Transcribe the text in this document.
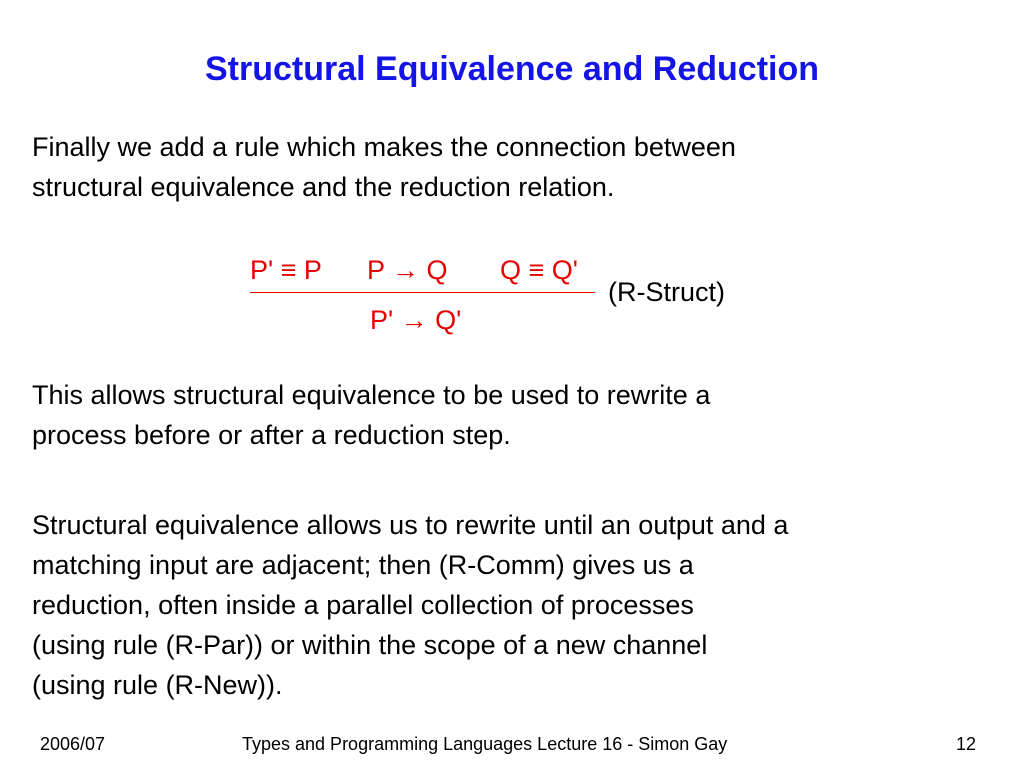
Structural Equivalence and Reduction
Finally we add a rule which makes the connection between
structural equivalence and the reduction relation.
P' ≡ P P → Q Q ≡ Q'
P' → Q'
(R-Struct)
This allows structural equivalence to be used to rewrite a
process before or after a reduction step.
Structural equivalence allows us to rewrite until an output and a
matching input are adjacent; then (R-Comm) gives us a
reduction, often inside a parallel collection of processes
(using rule (R-Par)) or within the scope of a new channel
(using rule (R-New)).
2006/07	Types and Programming Languages Lecture 16 - Simon Gay	12
